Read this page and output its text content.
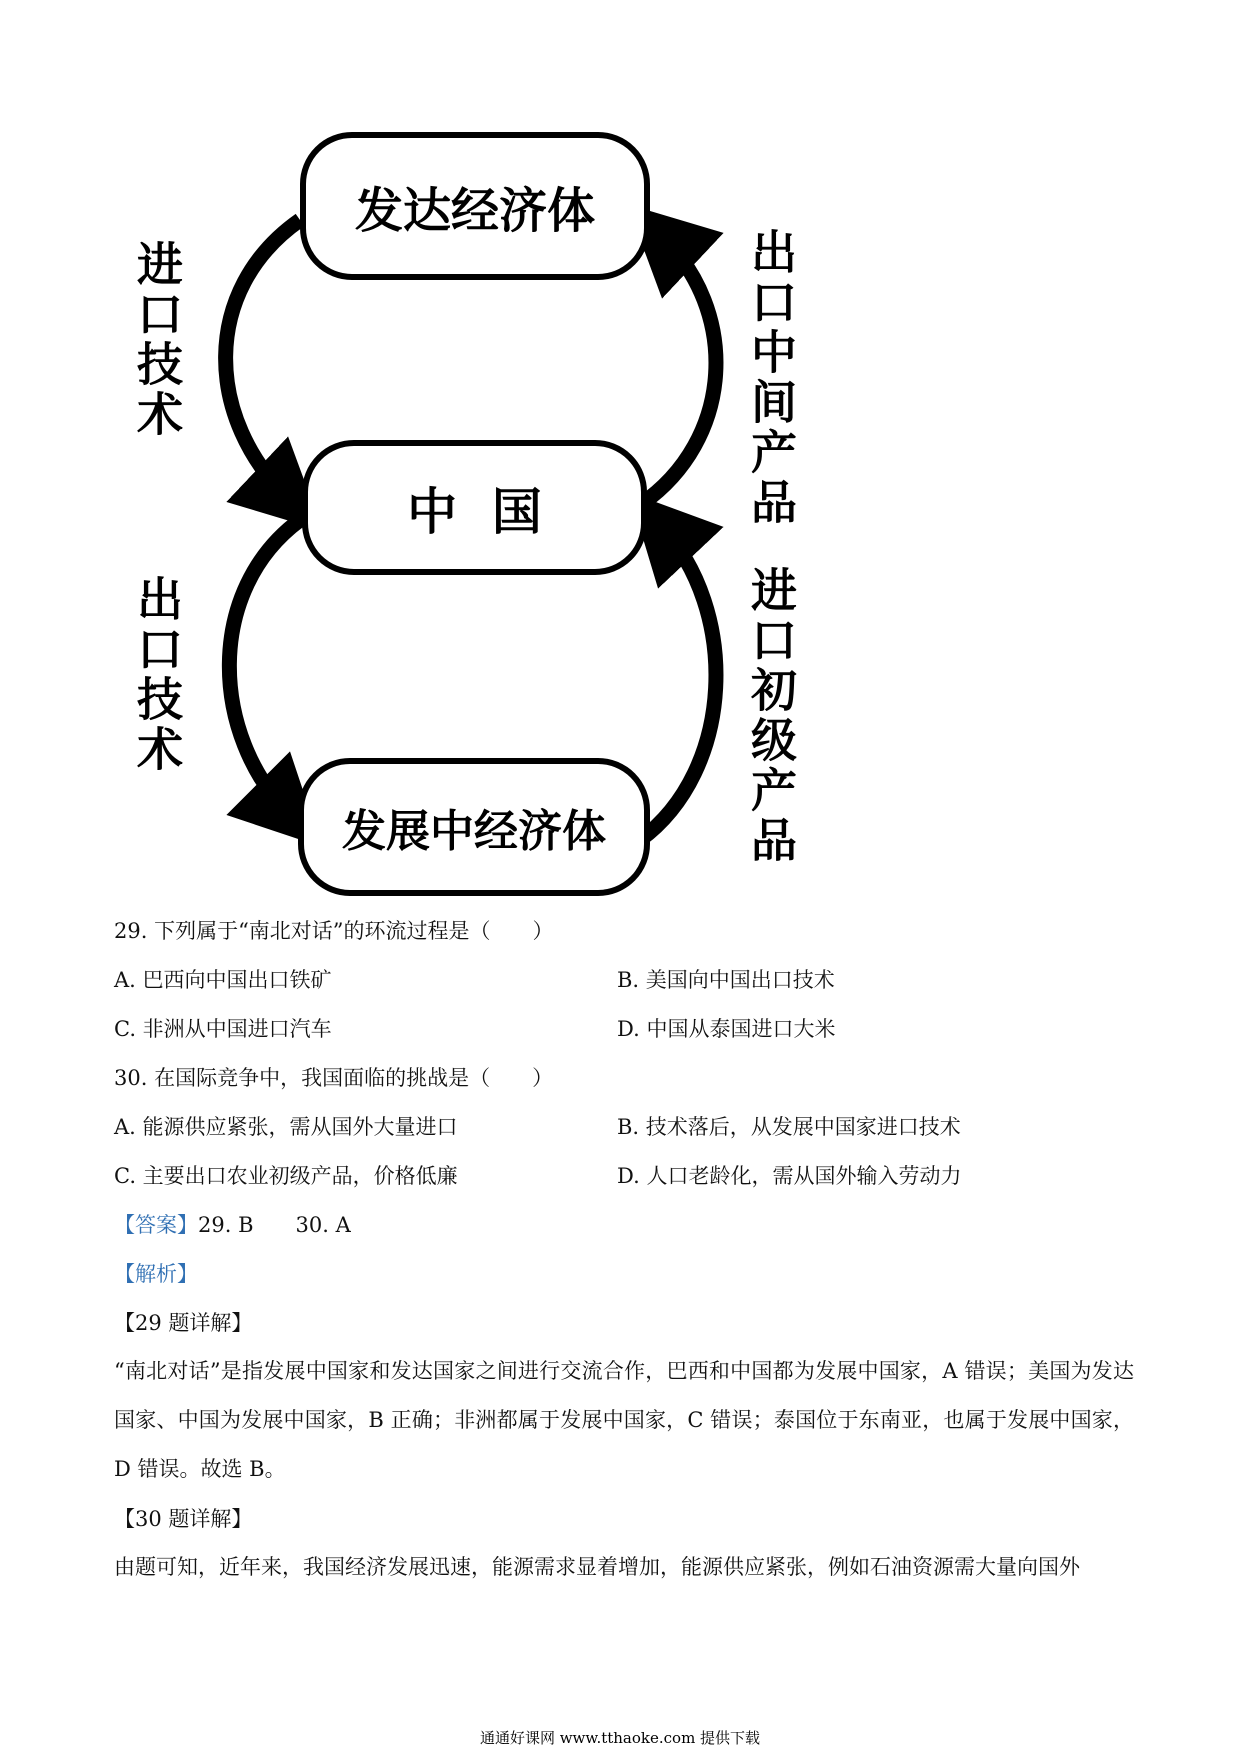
发达经济体
中  国
发展中经济体
进口技术
出口技术
出口中间产品
进口初级产品
29. 下列属于“南北对话”的环流过程是（　　）
A. 巴西向中国出口铁矿	B. 美国向中国出口技术
C. 非洲从中国进口汽车	D. 中国从泰国进口大米
30. 在国际竞争中，我国面临的挑战是（　　）
A. 能源供应紧张，需从国外大量进口	B. 技术落后，从发展中国家进口技术
C. 主要出口农业初级产品，价格低廉	D. 人口老龄化，需从国外输入劳动力
【答案】29. B　　30. A
【解析】
【29 题详解】
“南北对话”是指发展中国家和发达国家之间进行交流合作，巴西和中国都为发展中国家，A 错误；美国为发达国家、中国为发展中国家，B 正确；非洲都属于发展中国家，C 错误；泰国位于东南亚，也属于发展中国家，D 错误。故选 B。
【30 题详解】
由题可知，近年来，我国经济发展迅速，能源需求显着增加，能源供应紧张，例如石油资源需大量向国外
通通好课网 www.tthaoke.com 提供下载
